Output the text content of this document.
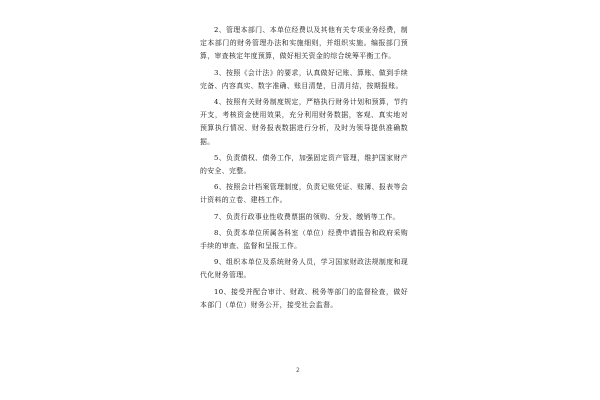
2、管理本部门、本单位经费以及其他有关专项业务经费，制定本部门的财务管理办法和实施细则，并组织实施。编报部门预算，审查核定年度预算，做好相关资金的综合统筹平衡工作。

3、按照《会计法》的要求，认真做好记账、算账、做到手续完备、内容真实、数字准确、账目清楚，日清月结，按期报账。

4、按照有关财务制度规定，严格执行财务计划和预算，节约开支，考核资金使用效果，充分利用财务数据，客观、真实地对预算执行情况、财务报表数据进行分析，及时为领导提供准确数据。

5、负责债权、债务工作，加强固定资产管理，维护国家财产的安全、完整。

6、按照会计档案管理制度，负责记账凭证、账簿、报表等会计资料的立卷、建档工作。

7、负责行政事业性收费票据的领购、分发、缴销等工作。

8、负责本单位所属各科室（单位）经费申请报告和政府采购手续的审查、监督和呈报工作。

9、组织本单位及系统财务人员，学习国家财政法规制度和现代化财务管理。

10、接受并配合审计、财政、税务等部门的监督检查，做好本部门（单位）财务公开，接受社会监督。

2
